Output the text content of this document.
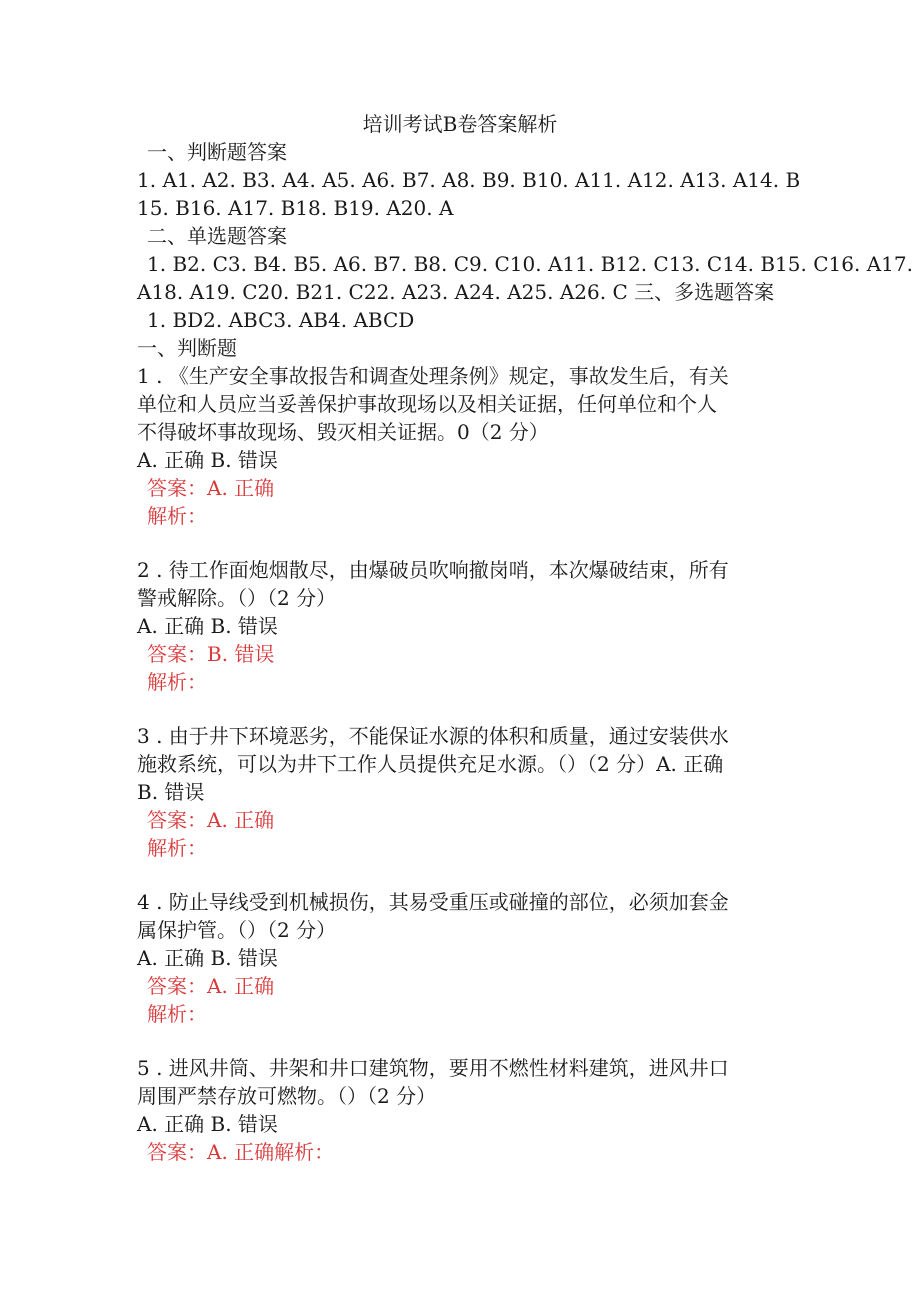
培训考试B卷答案解析
一、判断题答案
1. A1. A2. B3. A4. A5. A6. B7. A8. B9. B10. A11. A12. A13. A14. B
15. B16. A17. B18. B19. A20. A
二、单选题答案
1. B2. C3. B4. B5. A6. B7. B8. C9. C10. A11. B12. C13. C14. B15. C16. A17.
A18. A19. C20. B21. C22. A23. A24. A25. A26. C 三、多选题答案
1. BD2. ABC3. AB4. ABCD
一、判断题
1 . 《生产安全事故报告和调查处理条例》规定，事故发生后，有关
单位和人员应当妥善保护事故现场以及相关证据，任何单位和个人
不得破坏事故现场、毁灭相关证据。0（2 分）
A. 正确 B. 错误
答案：A. 正确
解析：
2 . 待工作面炮烟散尽，由爆破员吹响撤岗哨，本次爆破结束，所有
警戒解除。（）（2 分）
A. 正确 B. 错误
答案：B. 错误
解析：
3 . 由于井下环境恶劣，不能保证水源的体积和质量，通过安装供水
施救系统，可以为井下工作人员提供充足水源。（）（2 分）A. 正确
B. 错误
答案：A. 正确
解析：
4 . 防止导线受到机械损伤，其易受重压或碰撞的部位，必须加套金
属保护管。（）（2 分）
A. 正确 B. 错误
答案：A. 正确
解析：
5 . 进风井筒、井架和井口建筑物，要用不燃性材料建筑，进风井口
周围严禁存放可燃物。（）（2 分）
A. 正确 B. 错误
答案：A. 正确解析：
